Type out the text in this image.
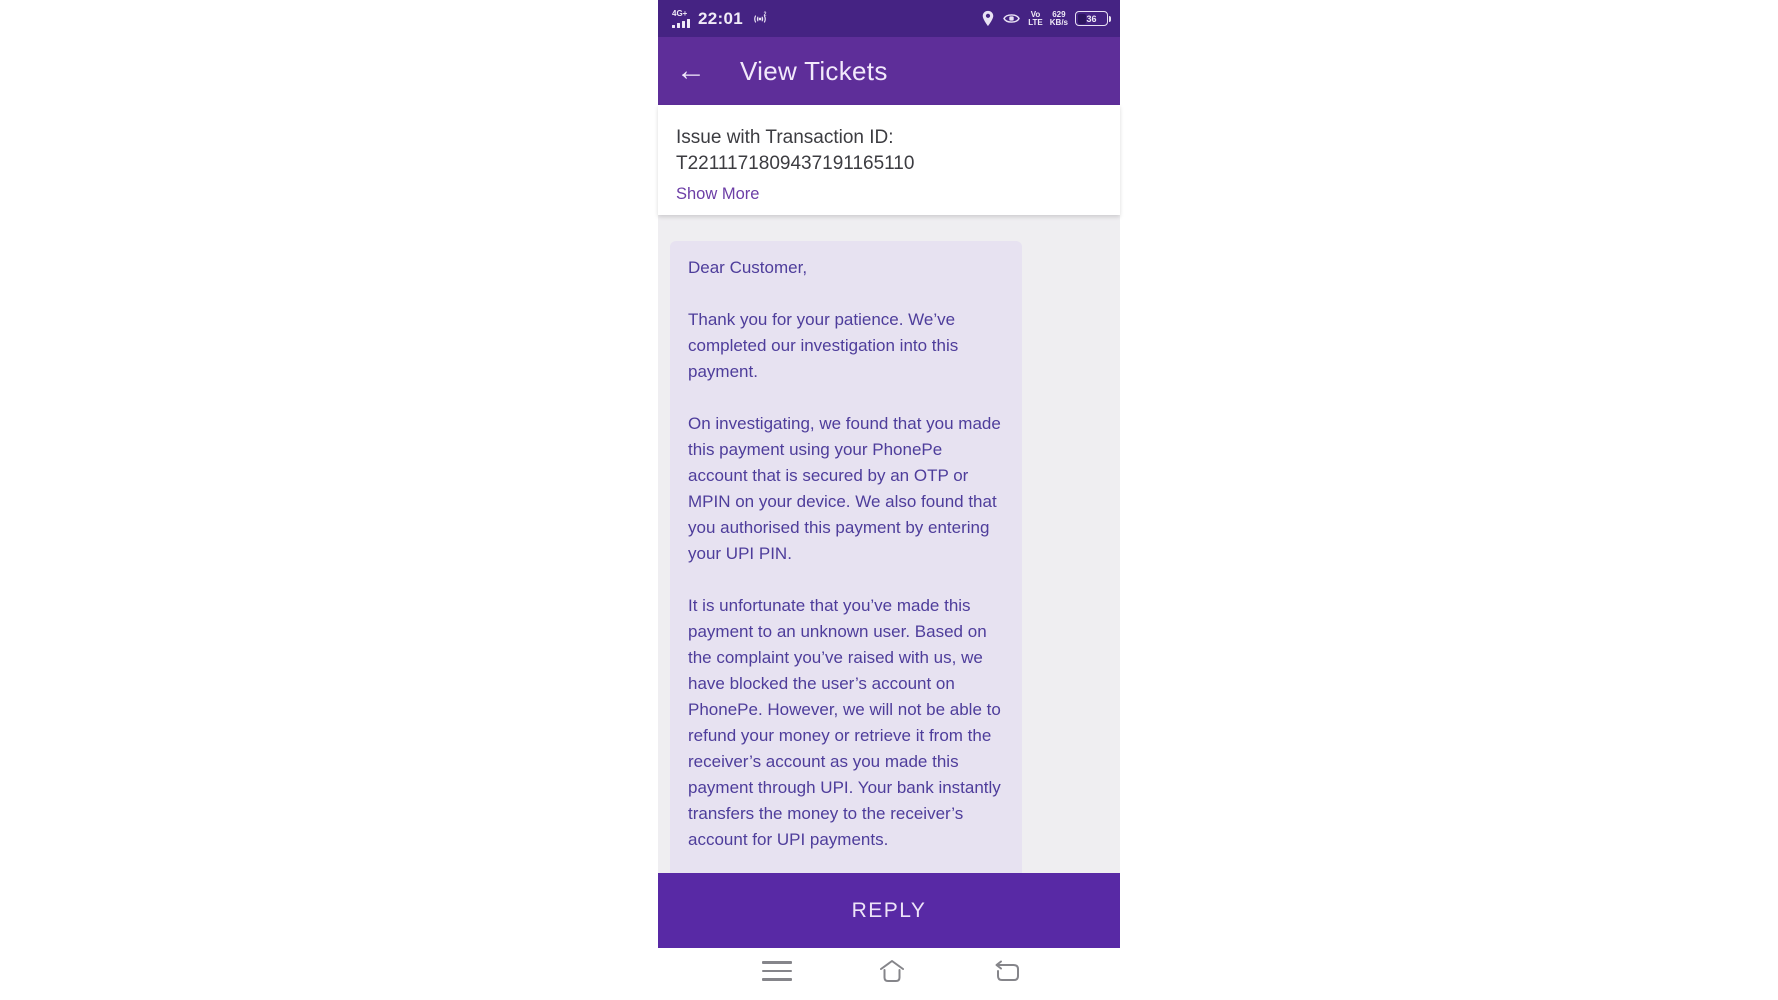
4G+ 22:01	2	Vo
LTE
629
KB/s 36
← View Tickets
Issue with Transaction ID:
T2211171809437191165110
Show More

Dear Customer,

Thank you for your patience. We’ve completed our investigation into this payment.

On investigating, we found that you made this payment using your PhonePe account that is secured by an OTP or MPIN on your device. We also found that you authorised this payment by entering your UPI PIN.

It is unfortunate that you’ve made this payment to an unknown user. Based on the complaint you’ve raised with us, we have blocked the user’s account on PhonePe. However, we will not be able to refund your money or retrieve it from the receiver’s account as you made this payment through UPI. Your bank instantly transfers the money to the receiver’s account for UPI payments.

REPLY
